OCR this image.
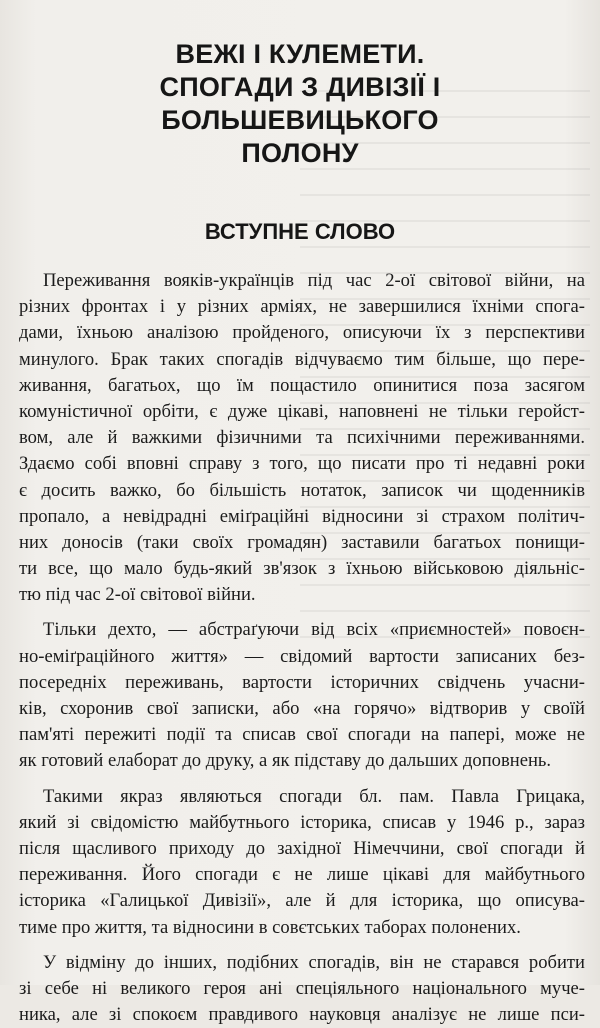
ВЕЖІ І КУЛЕМЕТИ.
СПОГАДИ З ДИВІЗІЇ І БОЛЬШЕВИЦЬКОГО
ПОЛОНУ
ВСТУПНЕ СЛОВО
Переживання вояків-українців під час 2-ої світової війни, на
різних фронтах і у різних арміях, не завершилися їхніми спога-
дами, їхньою аналізою пройденого, описуючи їх з перспективи
минулого. Брак таких спогадів відчуваємо тим більше, що пере-
живання, багатьох, що їм пощастило опинитися поза засягом
комуністичної орбіти, є дуже цікаві, наповнені не тільки геройст-
вом, але й важкими фізичними та психічними переживаннями.
Здаємо собі вповні справу з того, що писати про ті недавні роки
є досить важко, бо більшість нотаток, записок чи щоденників
пропало, а невідрадні еміґраційні відносини зі страхом політич-
них доносів (таки своїх громадян) заставили багатьох понищи-
ти все, що мало будь-який зв'язок з їхньою військовою діяльніс-
тю під час 2-ої світової війни.
Тільки дехто, — абстраґуючи від всіх «приємностей» повоєн-
но-еміґраційного життя» — свідомий вартости записаних без-
посередніх переживань, вартости історичних свідчень учасни-
ків, схоронив свої записки, або «на горячо» відтворив у своїй
пам'яті пережиті події та списав свої спогади на папері, може не
як готовий елаборат до друку, а як підставу до дальших доповнень.
Такими якраз являються спогади бл. пам. Павла Грицака,
який зі свідомістю майбутнього історика, списав у 1946 р., зараз
після щасливого приходу до західної Німеччини, свої спогади й
переживання. Його спогади є не лише цікаві для майбутнього
історика «Галицької Дивізії», але й для історика, що описува-
тиме про життя, та відносини в совєтських таборах полонених.
У відміну до інших, подібних спогадів, він не старався робити
зі себе ні великого героя ані спеціяльного національного муче-
ника, але зі спокоєм правдивого науковця аналізує не лише пси-
